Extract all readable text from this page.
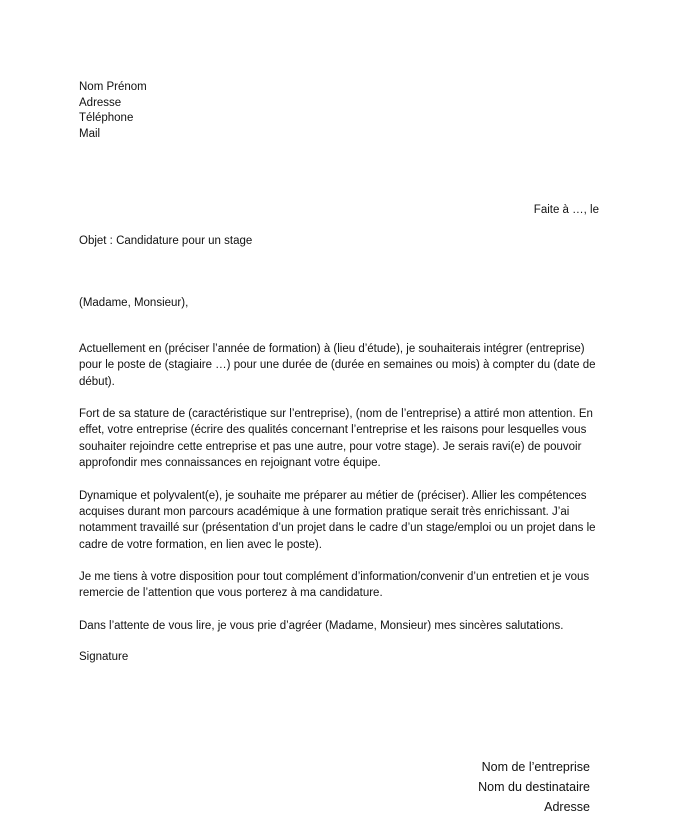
Nom Prénom
Adresse
Téléphone
Mail
Faite à …, le
Objet : Candidature pour un stage
(Madame, Monsieur),

Actuellement en (préciser l’année de formation) à (lieu d’étude), je souhaiterais intégrer (entreprise) pour le poste de (stagiaire …) pour une durée de (durée en semaines ou mois) à compter du (date de début).

Fort de sa stature de (caractéristique sur l’entreprise), (nom de l’entreprise) a attiré mon attention. En effet, votre entreprise (écrire des qualités concernant l’entreprise et les raisons pour lesquelles vous souhaiter rejoindre cette entreprise et pas une autre, pour votre stage). Je serais ravi(e) de pouvoir approfondir mes connaissances en rejoignant votre équipe.

Dynamique et polyvalent(e), je souhaite me préparer au métier de (préciser). Allier les compétences acquises durant mon parcours académique à une formation pratique serait très enrichissant. J’ai notamment travaillé sur (présentation d’un projet dans le cadre d’un stage/emploi ou un projet dans le cadre de votre formation, en lien avec le poste).

Je me tiens à votre disposition pour tout complément d’information/convenir d’un entretien et je vous remercie de l’attention que vous porterez à ma candidature.

Dans l’attente de vous lire, je vous prie d’agréer (Madame, Monsieur) mes sincères salutations.

Signature
Nom de l’entreprise
Nom du destinataire
Adresse
